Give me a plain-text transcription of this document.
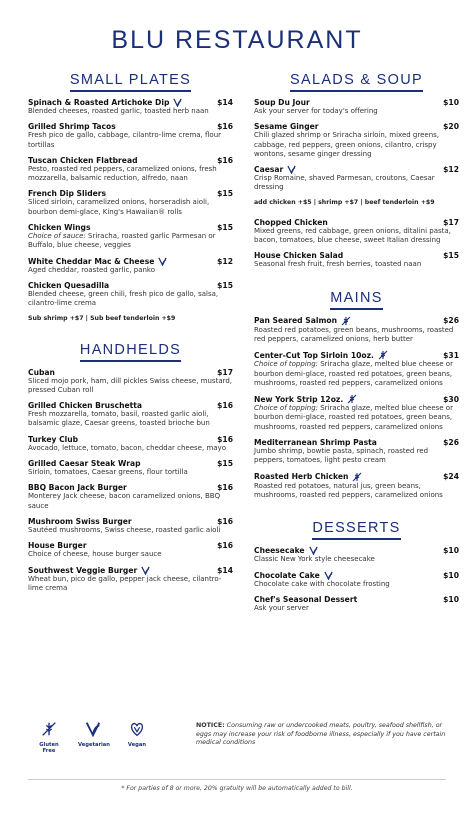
BLU RESTAURANT
SMALL PLATES
Spinach & Roasted Artichoke Dip	$14
Blended cheeses, roasted garlic, toasted herb naan
Grilled Shrimp Tacos	$16
Fresh pico de gallo, cabbage, cilantro-lime crema, flour tortillas
Tuscan Chicken Flatbread	$16
Pesto, roasted red peppers, caramelized onions, fresh mozzarella, balsamic reduction, alfredo, naan
French Dip Sliders	$15
Sliced sirloin, caramelized onions, horseradish aioli, bourbon demi-glace, King's Hawaiian® rolls
Chicken Wings	$15
Choice of sauce: Sriracha, roasted garlic Parmesan or Buffalo, blue cheese, veggies
White Cheddar Mac & Cheese	$12
Aged cheddar, roasted garlic, panko
Chicken Quesadilla	$15
Blended cheese, green chili, fresh pico de gallo, salsa, cilantro-lime crema
Sub shrimp +$7 | Sub beef tenderloin +$9
HANDHELDS
Cuban	$17
Sliced mojo pork, ham, dill pickles Swiss cheese, mustard, pressed Cuban roll
Grilled Chicken Bruschetta	$16
Fresh mozzarella, tomato, basil, roasted garlic aioli, balsamic glaze, Caesar greens, toasted brioche bun
Turkey Club	$16
Avocado, lettuce, tomato, bacon, cheddar cheese, mayo
Grilled Caesar Steak Wrap	$15
Sirloin, tomatoes, Caesar greens, flour tortilla
BBQ Bacon Jack Burger	$16
Monterey Jack cheese, bacon caramelized onions, BBQ sauce
Mushroom Swiss Burger	$16
Sautéed mushrooms, Swiss cheese, roasted garlic aioli
House Burger	$16
Choice of cheese, house burger sauce
Southwest Veggie Burger	$14
Wheat bun, pico de gallo, pepper jack cheese, cilantro-lime crema
SALADS & SOUP
Soup Du Jour	$10
Ask your server for today's offering
Sesame Ginger	$20
Chili glazed shrimp or Sriracha sirloin, mixed greens, cabbage, red peppers, green onions, cilantro, crispy wontons, sesame ginger dressing
Caesar	$12
Crisp Romaine, shaved Parmesan, croutons, Caesar dressing
add chicken +$5 | shrimp +$7 | beef tenderloin +$9
Chopped Chicken	$17
Mixed greens, red cabbage, green onions, ditalini pasta, bacon, tomatoes, blue cheese, sweet Italian dressing
House Chicken Salad	$15
Seasonal fresh fruit, fresh berries, toasted naan
MAINS
Pan Seared Salmon	$26
Roasted red potatoes, green beans, mushrooms, roasted red peppers, caramelized onions, herb butter
Center-Cut Top Sirloin 10oz.	$31
Choice of topping: Sriracha glaze, melted blue cheese or bourbon demi-glace, roasted red potatoes, green beans, mushrooms, roasted red peppers, caramelized onions
New York Strip 12oz.	$30
Choice of topping: Sriracha glaze, melted blue cheese or bourbon demi-glace, roasted red potatoes, green beans, mushrooms, roasted red peppers, caramelized onions
Mediterranean Shrimp Pasta	$26
Jumbo shrimp, bowtie pasta, spinach, roasted red peppers, tomatoes, light pesto cream
Roasted Herb Chicken	$24
Roasted red potatoes, natural jus, green beans, mushrooms, roasted red peppers, caramelized onions
DESSERTS
Cheesecake	$10
Classic New York style cheesecake
Chocolate Cake	$10
Chocolate cake with chocolate frosting
Chef's Seasonal Dessert	$10
Ask your server
Gluten Free
Vegetarian	Vegan
NOTICE: Consuming raw or undercooked meats, poultry, seafood shellfish, or eggs may increase your risk of foodborne illness, especially if you have certain medical conditions
* For parties of 8 or more, 20% gratuity will be automatically added to bill.
